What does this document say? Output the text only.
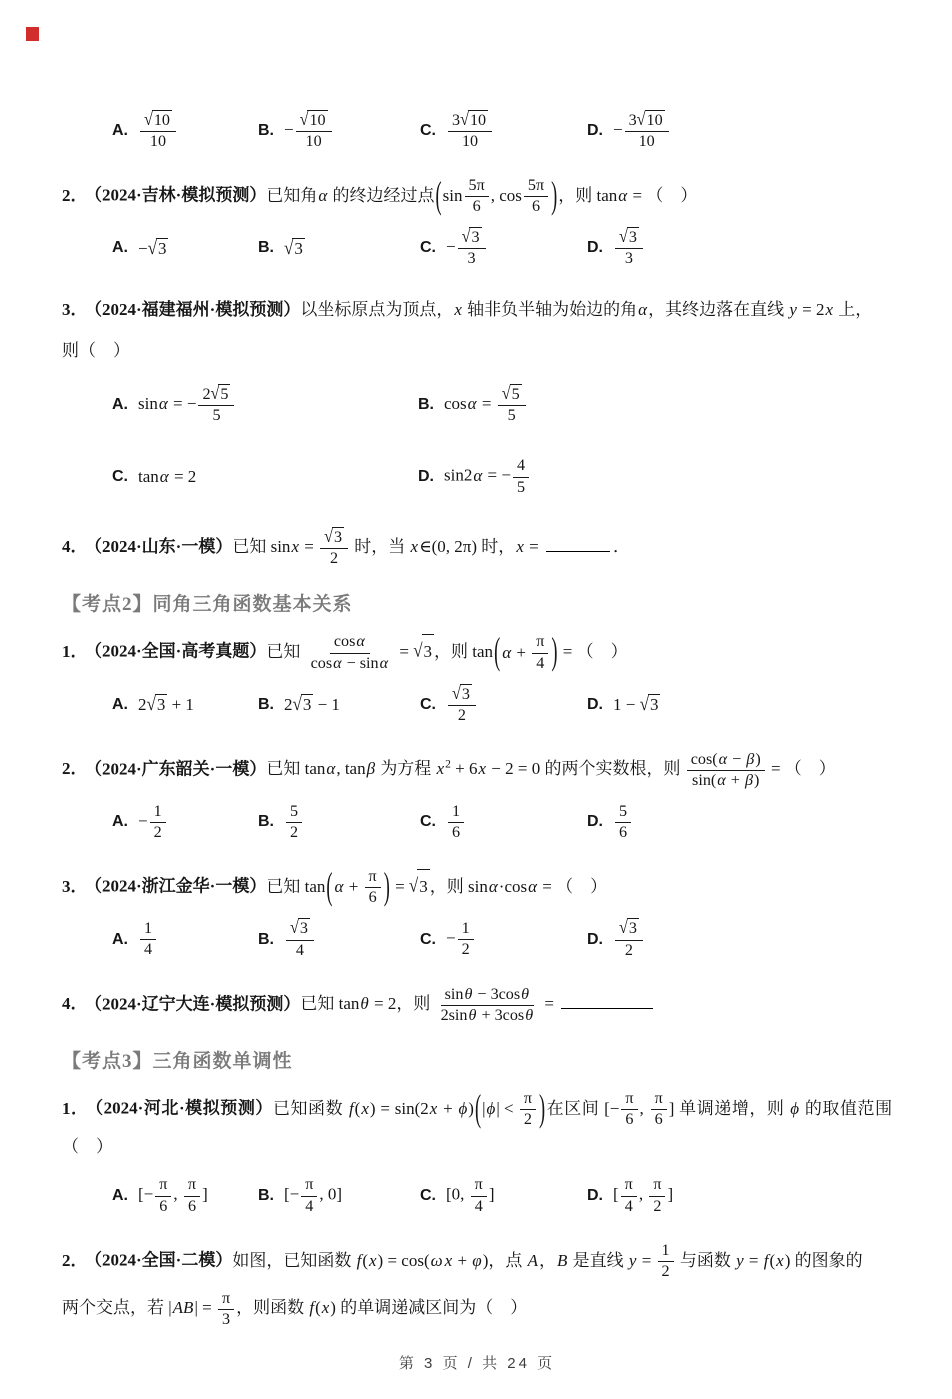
A. $\frac{√ 10}{10}$	B. − $\frac{√ 10}{10}$	C. $\frac{3 √ 10}{10}$	D. − $\frac{3 √ 10}{10}$

2． （2024·吉林·模拟预测）已知角α 的终边经过点 ( $\sin \frac{5\pi}{6}$ , $\cos \frac{5\pi}{6}$ ) ，则 tanα = （　）

A. − √ 3	B. √ 3	C. − $\frac{√ 3}{3}$	D. $\frac{√ 3}{3}$

3． （2024·福建福州·模拟预测）以坐标原点为顶点，x 轴非负半轴为始边的角α，其终边落在直线 y = 2x 上，

则（　）

A. sinα = − $\frac{2 √ 5}{5}$	B. $\cos\alpha = \frac{√ 5}{5}$
C. tanα = 2	D. sin2α = − $\frac{4}{5}$

4． （2024·山东·一模）已知 $\sin x = \frac{√ 3}{2}$ 时，当 x∈(0, 2π) 时，x =	．

【考点2】同角三角函数基本关系

1． （2024·全国·高考真题）已知 $\frac{\cos\alpha}{\cos\alpha - \sin\alpha}$ = √ 3 ，则 tan ( $\alpha + \frac{\pi}{4}$ ) = （　）

A. 2 √ 3 + 1	B. 2 √ 3 − 1	C. $\frac{√ 3}{2}$	D. 1 − √ 3

2． （2024·广东韶关·一模）已知 tanα, tanβ 为方程 $x^2 + 6x - 2 = 0$ 的两个实数根，则 $\frac{\cos(\alpha - \beta)}{\sin(\alpha + \beta)}$ = （　）

A. − $\frac{1}{2}$	B. $\frac{5}{2}$	C. $\frac{1}{6}$	D. $\frac{5}{6}$

3． （2024·浙江金华·一模）已知 tan ( $\alpha + \frac{\pi}{6}$ ) = √ 3 ，则 sinα·cosα = （　）

A. $\frac{1}{4}$	B. $\frac{√ 3}{4}$	C. − $\frac{1}{2}$	D. $\frac{√ 3}{2}$

4． （2024·辽宁大连·模拟预测）已知 tanθ = 2，则 $\frac{\sin\theta - 3\cos\theta}{2\sin\theta + 3\cos\theta}$ =

【考点3】三角函数单调性

1． （2024·河北·模拟预测）已知函数 f(x) = sin(2x + ϕ) ( | ϕ | < $\frac{\pi}{2}$ ) 在区间 [− $\frac{\pi}{6}$ , $\frac{\pi}{6}$ ] 单调递增，则 ϕ 的取值范围（　）

A. [− $\frac{\pi}{6}$ , $\frac{\pi}{6}$ ]	B. [− $\frac{\pi}{4}$ , 0]	C. [0, $\frac{\pi}{4}$ ]	D. [ $\frac{\pi}{4}$ , $\frac{\pi}{2}$ ]

2． （2024·全国·二模）如图，已知函数 f(x) = cos(ω x + φ)，点 A，B 是直线 $y = \frac{1}{2}$ 与函数 y = f(x) 的图象的

两个交点，若 $|AB| = \frac{\pi}{3}$ ，则函数 f(x) 的单调递减区间为（　）

第 3 页 / 共 24 页
